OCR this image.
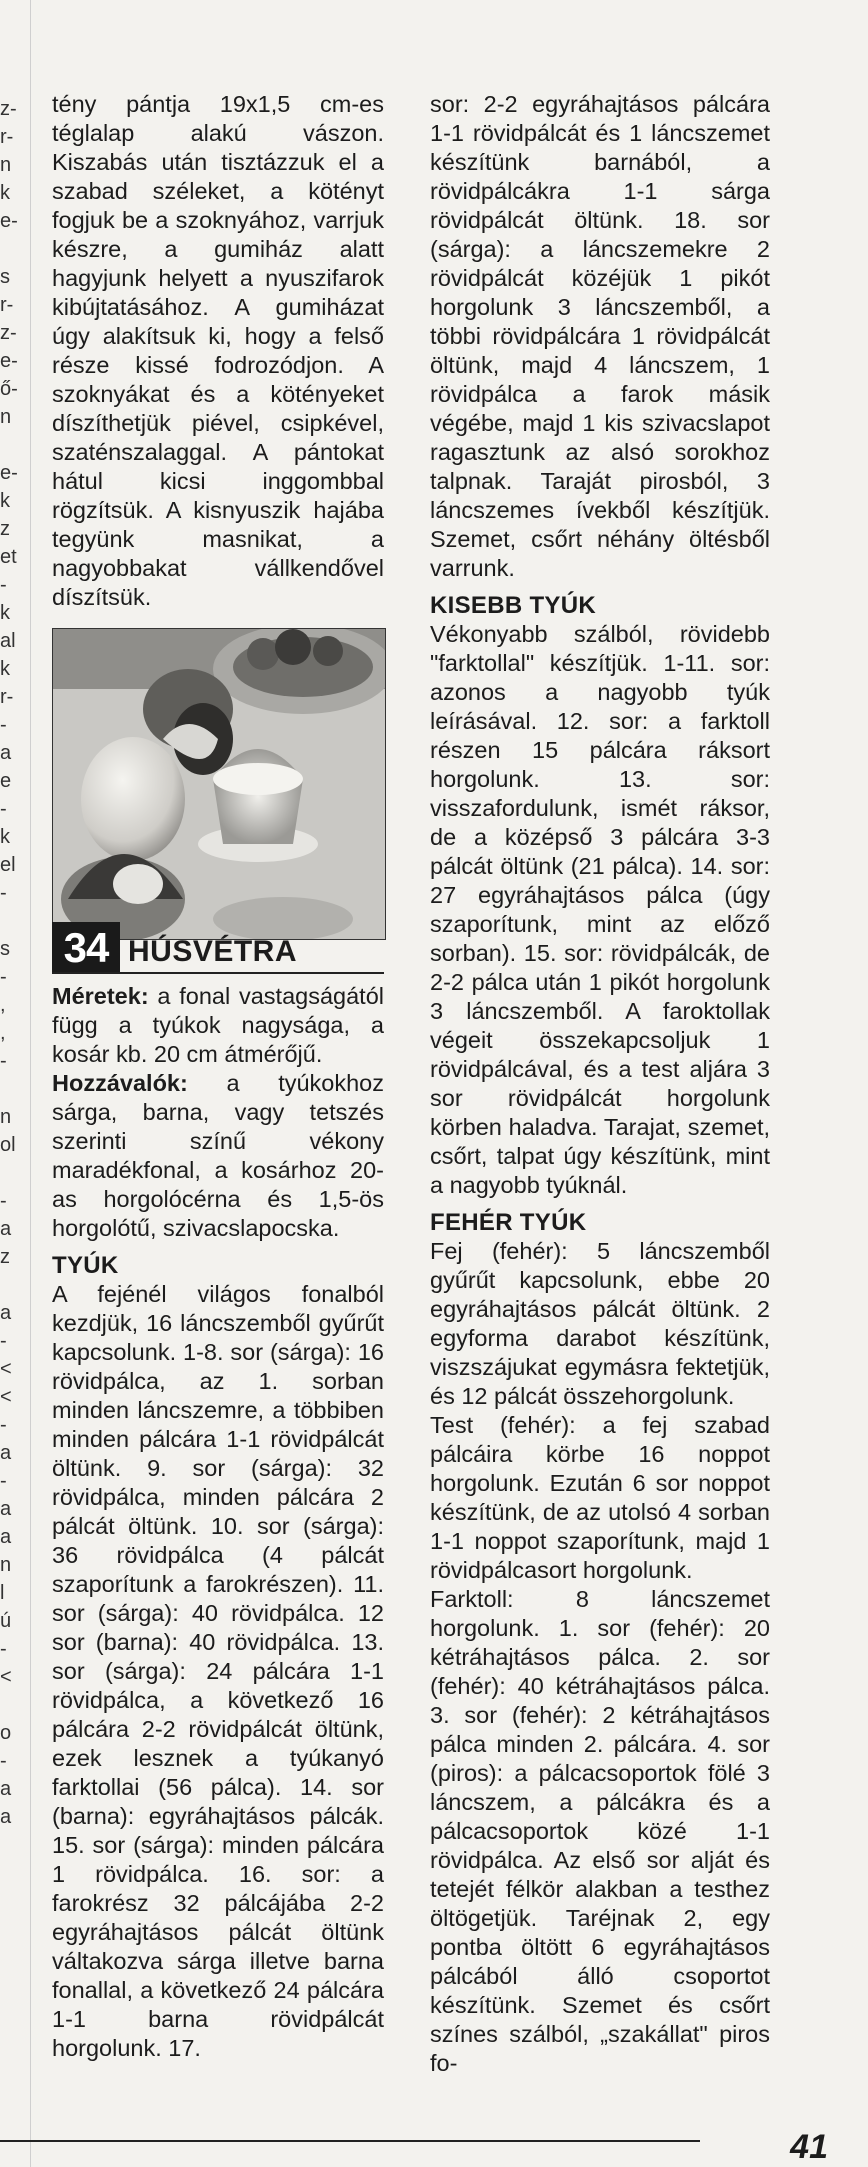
z-
r-
n
k
e-

s
r-
z-
e-
ő-
n

e-
k
z
et
-
k
al
k
r-
-
a
e
-
k
el
-

s
-
,
,
-

n
ol

-
a
z

a
-
<
<
-
a
-
a
a
n
l
ú
-
<

o
-
a
a

tény pántja 19x1,5 cm-es téglalap alakú vászon. Kiszabás után tisztázzuk el a szabad széleket, a kötényt fogjuk be a szoknyához, varrjuk készre, a gumiház alatt hagyjunk helyett a nyuszifarok kibújtatásához. A gumiházat úgy alakítsuk ki, hogy a felső része kissé fodrozódjon. A szoknyákat és a kötényeket díszíthetjük piével, csipkével, szaténszalaggal. A pántokat hátul kicsi inggombbal rögzítsük. A kisnyuszik hajába tegyünk masnikat, a nagyobbakat vállkendővel díszítsük.

34 HÚSVÉTRA

Méretek: a fonal vastagságától függ a tyúkok nagysága, a kosár kb. 20 cm átmérőjű.

Hozzávalók: a tyúkokhoz sárga, barna, vagy tetszés szerinti színű vékony maradékfonal, a kosárhoz 20-as horgolócérna és 1,5-ös horgolótű, szivacslapocska.

TYÚK

A fejénél világos fonalból kezdjük, 16 láncszemből gyűrűt kapcsolunk. 1-8. sor (sárga): 16 rövidpálca, az 1. sorban minden láncszemre, a többiben minden pálcára 1-1 rövidpálcát öltünk. 9. sor (sárga): 32 rövidpálca, minden pálcára 2 pálcát öltünk. 10. sor (sárga): 36 rövidpálca (4 pálcát szaporítunk a farokrészen). 11. sor (sárga): 40 rövidpálca. 12 sor (barna): 40 rövidpálca. 13. sor (sárga): 24 pálcára 1-1 rövidpálca, a következő 16 pálcára 2-2 rövidpálcát öltünk, ezek lesznek a tyúkanyó farktollai (56 pálca). 14. sor (barna): egyráhajtásos pálcák. 15. sor (sárga): minden pálcára 1 rövidpálca. 16. sor: a farokrész 32 pálcájába 2-2 egyráhajtásos pálcát öltünk váltakozva sárga illetve barna fonallal, a következő 24 pálcára 1-1 barna rövidpálcát horgolunk. 17.

sor: 2-2 egyráhajtásos pálcára 1-1 rövidpálcát és 1 láncszemet készítünk barnából, a rövidpálcákra 1-1 sárga rövidpálcát öltünk. 18. sor (sárga): a láncszemekre 2 rövidpálcát közéjük 1 pikót horgolunk 3 láncszemből, a többi rövidpálcára 1 rövidpálcát öltünk, majd 4 láncszem, 1 rövidpálca a farok másik végébe, majd 1 kis szivacslapot ragasztunk az alsó sorokhoz talpnak. Taraját pirosból, 3 láncszemes ívekből készítjük. Szemet, csőrt néhány öltésből varrunk.

KISEBB TYÚK

Vékonyabb szálból, rövidebb "farktollal" készítjük. 1-11. sor: azonos a nagyobb tyúk leírásával. 12. sor: a farktoll részen 15 pálcára ráksort horgolunk. 13. sor: visszafordulunk, ismét ráksor, de a középső 3 pálcára 3-3 pálcát öltünk (21 pálca). 14. sor: 27 egyráhajtásos pálca (úgy szaporítunk, mint az előző sorban). 15. sor: rövidpálcák, de 2-2 pálca után 1 pikót horgolunk 3 láncszemből. A faroktollak végeit összekapcsoljuk 1 rövidpálcával, és a test aljára 3 sor rövidpálcát horgolunk körben haladva. Tarajat, szemet, csőrt, talpat úgy készítünk, mint a nagyobb tyúknál.

FEHÉR TYÚK

Fej (fehér): 5 láncszemből gyűrűt kapcsolunk, ebbe 20 egyráhajtásos pálcát öltünk. 2 egyforma darabot készítünk, viszszájukat egymásra fektetjük, és 12 pálcát összehorgolunk.

Test (fehér): a fej szabad pálcáira körbe 16 noppot horgolunk. Ezután 6 sor noppot készítünk, de az utolsó 4 sorban 1-1 noppot szaporítunk, majd 1 rövidpálcasort horgolunk.

Farktoll: 8 láncszemet horgolunk. 1. sor (fehér): 20 kétráhajtásos pálca. 2. sor (fehér): 40 kétráhajtásos pálca. 3. sor (fehér): 2 kétráhajtásos pálca minden 2. pálcára. 4. sor (piros): a pálcacsoportok fölé 3 láncszem, a pálcákra és a pálcacsoportok közé 1-1 rövidpálca. Az első sor alját és tetejét félkör alakban a testhez öltögetjük. Taréjnak 2, egy pontba öltött 6 egyráhajtásos pálcából álló csoportot készítünk. Szemet és csőrt színes szálból, „szakállat" piros fo-

41
